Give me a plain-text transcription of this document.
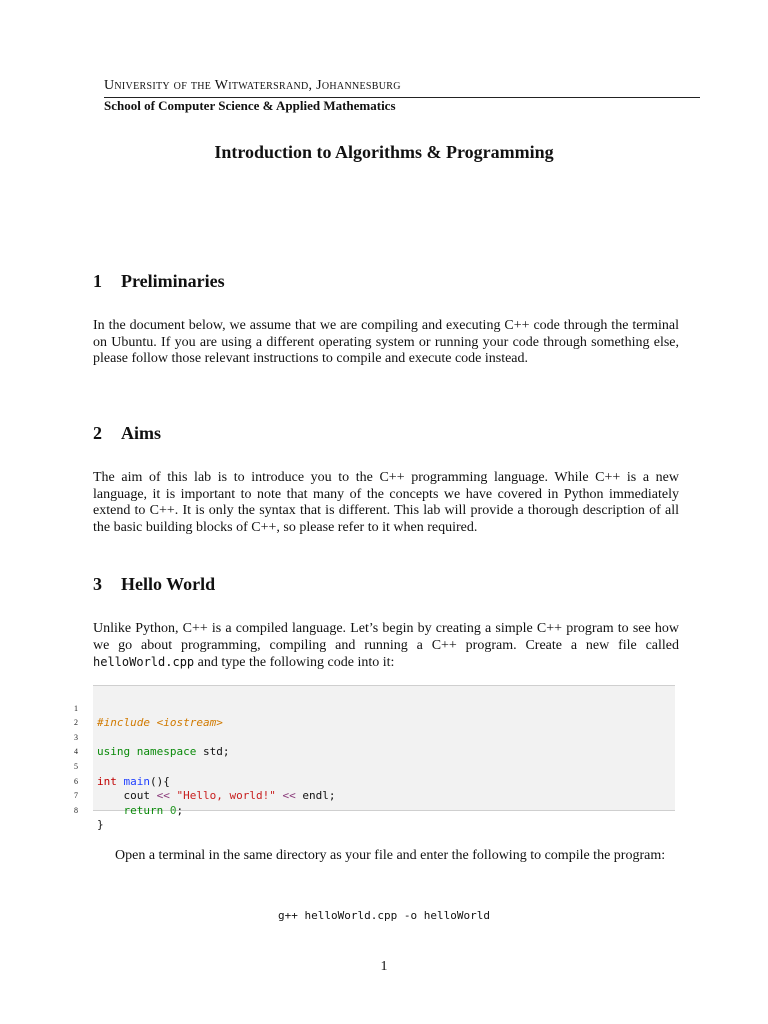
University of the Witwatersrand, Johannesburg
School of Computer Science & Applied Mathematics
Introduction to Algorithms & Programming
1 Preliminaries
In the document below, we assume that we are compiling and executing C++ code through the terminal on Ubuntu. If you are using a different operating system or running your code through something else, please follow those relevant instructions to compile and execute code instead.
2 Aims
The aim of this lab is to introduce you to the C++ programming language. While C++ is a new language, it is important to note that many of the concepts we have covered in Python immediately extend to C++. It is only the syntax that is different. This lab will provide a thorough description of all the basic building blocks of C++, so please refer to it when required.
3 Hello World
Unlike Python, C++ is a compiled language. Let’s begin by creating a simple C++ program to see how we go about programming, compiling and running a C++ program. Create a new file called helloWorld.cpp and type the following code into it:

1

#include <iostream>

2

3

using namespace std;

4

5

int main(){

6

cout << "Hello, world!" << endl;

7

return 0;

8

}

Open a terminal in the same directory as your file and enter the following to compile the program:
g++ helloWorld.cpp -o helloWorld
1
